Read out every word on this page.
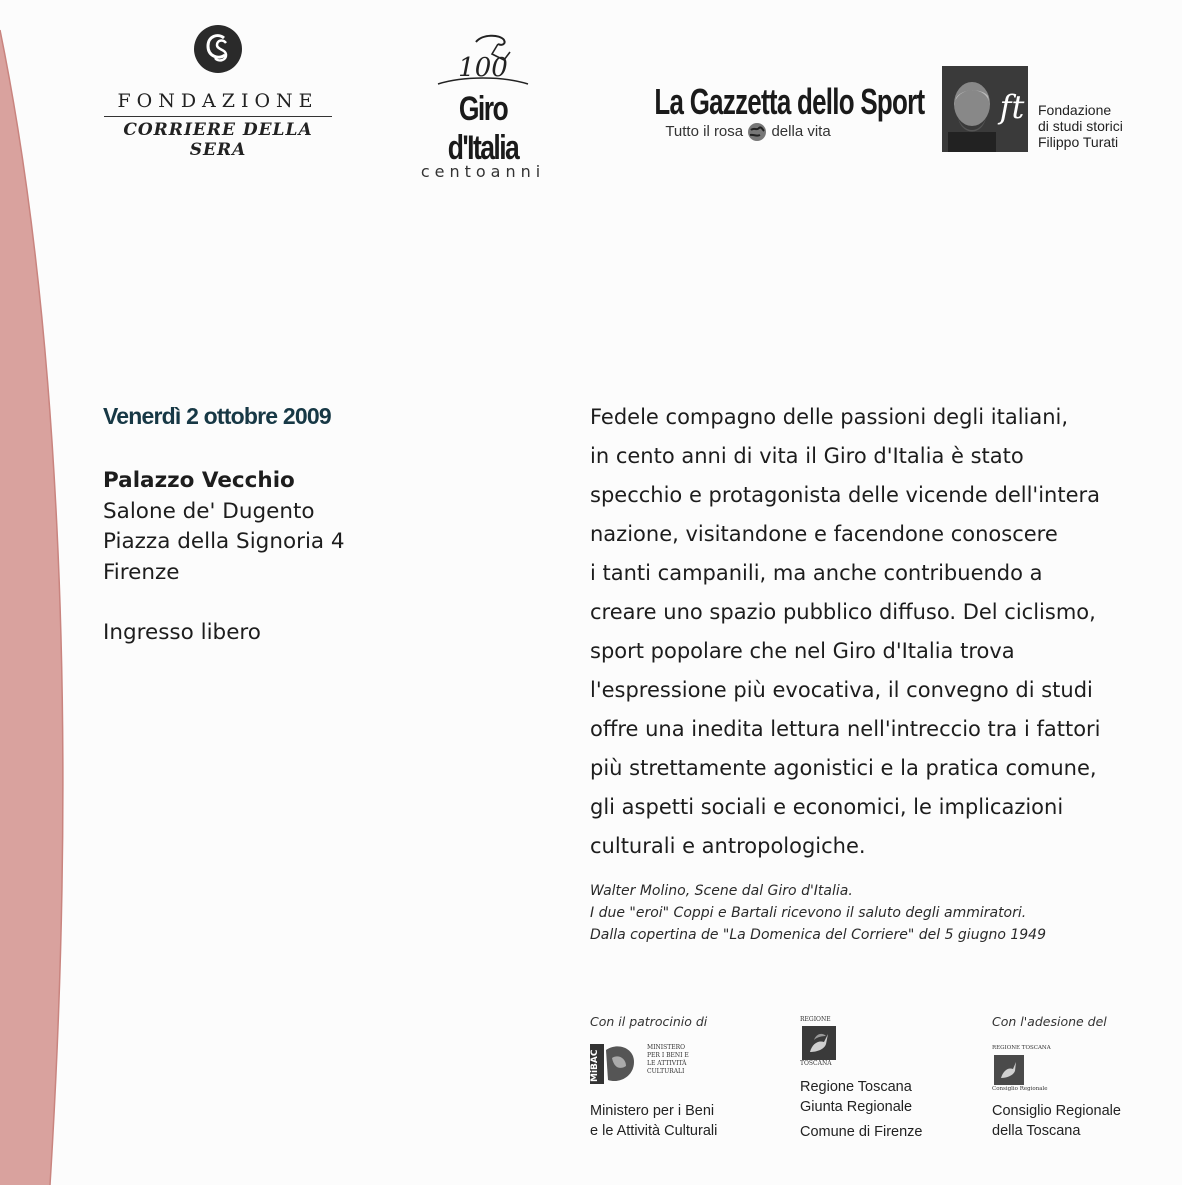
FONDAZIONE
CORRIERE DELLA SERA
100
Giro d'Italia
centoanni
La Gazzetta dello Sport
Tutto il rosa della vita
ft Fondazione
di studi storici
Filippo Turati
Venerdì 2 ottobre 2009
Palazzo Vecchio
Salone de' Dugento
Piazza della Signoria 4
Firenze
Ingresso libero
Fedele compagno delle passioni degli italiani,
in cento anni di vita il Giro d'Italia è stato
specchio e protagonista delle vicende dell'intera
nazione, visitandone e facendone conoscere
i tanti campanili, ma anche contribuendo a
creare uno spazio pubblico diffuso. Del ciclismo,
sport popolare che nel Giro d'Italia trova
l'espressione più evocativa, il convegno di studi
offre una inedita lettura nell'intreccio tra i fattori
più strettamente agonistici e la pratica comune,
gli aspetti sociali e economici, le implicazioni
culturali e antropologiche.
Walter Molino, Scene dal Giro d'Italia.
I due "eroi" Coppi e Bartali ricevono il saluto degli ammiratori.
Dalla copertina de "La Domenica del Corriere" del 5 giugno 1949
Con il patrocinio di
MiBAC
MINISTERO
PER I BENI E
LE ATTIVITÀ
CULTURALI
Ministero per i Beni
e le Attività Culturali
REGIONE
TOSCANA
Regione Toscana
Giunta Regionale
Comune di Firenze
Con l'adesione del
REGIONE TOSCANA
Consiglio Regionale
Consiglio Regionale
della Toscana
